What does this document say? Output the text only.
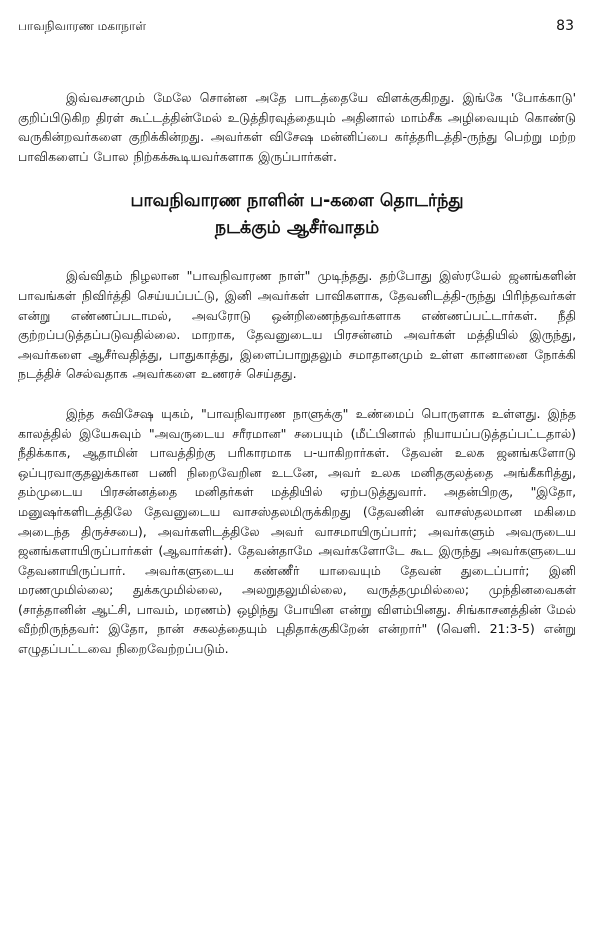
பாவநிவாரண மகாநாள்	83

இவ்வசனமும் மேலே சொன்ன அதே பாடத்தையே விளக்குகிறது. இங்கே 'போக்காடு' குறிப்பிடுகிற திரள் கூட்டத்தின்மேல் உடுத்திரவுத்தையும் அதினால் மாம்சீக அழிவையும் கொண்டு வருகின்றவர்களை குறிக்கின்றது. அவர்கள் விசேஷ மன்னிப்பை கர்த்தரிடத்தி-ருந்து பெற்று மற்ற பாவிகளைப் போல நிற்கக்கூடியவர்களாக இருப்பார்கள்.

பாவநிவாரண நாளின் ப-களை தொடர்ந்து
நடக்கும் ஆசீர்வாதம்

இவ்விதம் நிழலான "பாவநிவாரண நாள்" முடிந்தது. தற்போது இஸ்ரயேல் ஜனங்களின் பாவங்கள் நிவிர்த்தி செய்யப்பட்டு, இனி அவர்கள் பாவிகளாக, தேவனிடத்தி-ருந்து பிரிந்தவர்கள் என்று எண்ணப்படாமல், அவரோடு ஒன்றிணைந்தவர்களாக எண்ணப்பட்டார்கள். நீதி குற்றப்படுத்தப்படுவதில்லை. மாறாக, தேவனுடைய பிரசன்னம் அவர்கள் மத்தியில் இருந்து, அவர்களை ஆசீர்வதித்து, பாதுகாத்து, இளைப்பாறுதலும் சமாதானமும் உள்ள கானானை நோக்கி நடத்திச் செல்வதாக அவர்களை உணரச் செய்தது.

இந்த சுவிசேஷ யுகம், "பாவநிவாரண நாளுக்கு" உண்மைப் பொருளாக உள்ளது. இந்த காலத்தில் இயேசுவும் "அவருடைய சரீரமான" சபையும் (மீட்பினால் நியாயப்படுத்தப்பட்டதால்) நீதிக்காக, ஆதாமின் பாவத்திற்கு பரிகாரமாக ப-யாகிறார்கள். தேவன் உலக ஜனங்களோடு ஒப்புரவாகுதலுக்கான பணி நிறைவேறின உடனே, அவர் உலக மனிதகுலத்தை அங்கீகரித்து, தம்முடைய பிரசன்னத்தை மனிதர்கள் மத்தியில் ஏற்படுத்துவார். அதன்பிறகு, "இதோ, மனுஷர்களிடத்திலே தேவனுடைய வாசஸ்தலமிருக்கிறது (தேவனின் வாசஸ்தலமான மகிமை அடைந்த திருச்சபை), அவர்களிடத்திலே அவர் வாசமாயிருப்பார்; அவர்களும் அவருடைய ஜனங்களாயிருப்பார்கள் (ஆவார்கள்). தேவன்தாமே அவர்களோடே கூட இருந்து அவர்களுடைய தேவனாயிருப்பார். அவர்களுடைய கண்ணீர் யாவையும் தேவன் துடைப்பார்; இனி மரணமுமில்லை; துக்கமுமில்லை, அலறுதலுமில்லை, வருத்தமுமில்லை; முந்தினவைகள் (சாத்தானின் ஆட்சி, பாவம், மரணம்) ஒழிந்து போயின என்று விளம்பினது. சிங்காசனத்தின் மேல் வீற்றிருந்தவர்: இதோ, நான் சகலத்தையும் புதிதாக்குகிறேன் என்றார்" (வெளி. 21:3-5) என்று எழுதப்பட்டவை நிறைவேற்றப்படும்.
